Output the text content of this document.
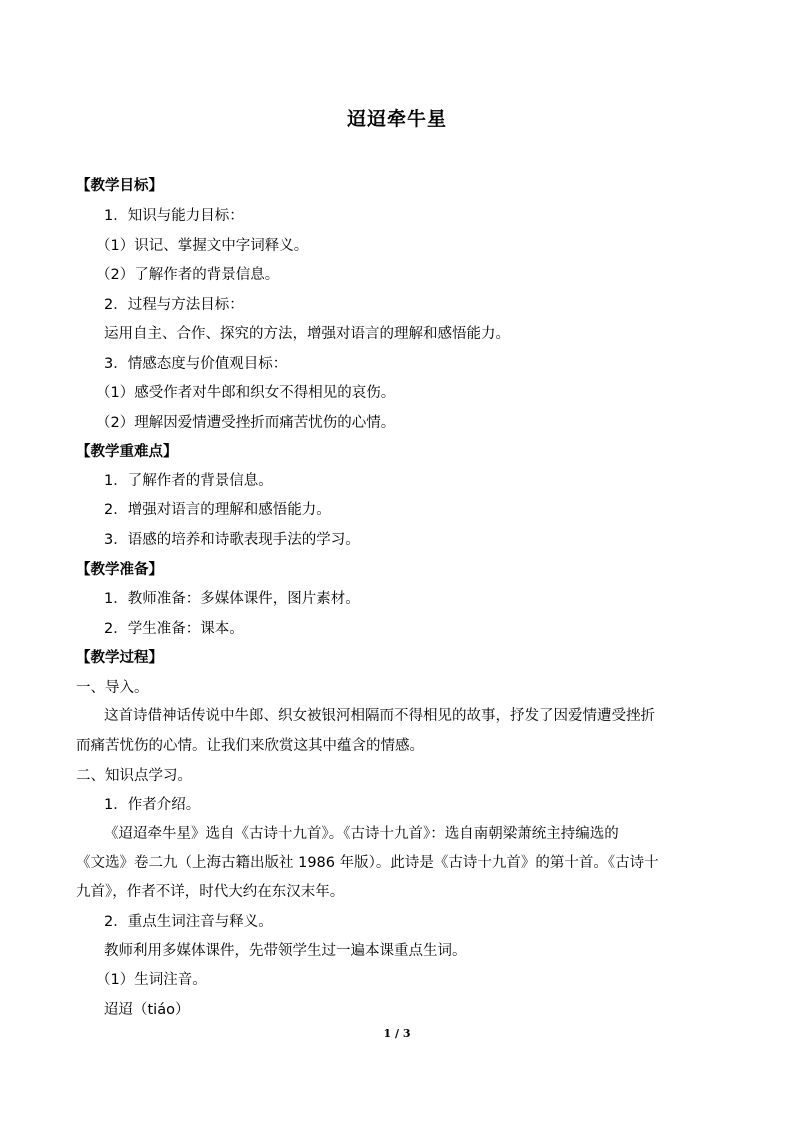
迢迢牵牛星
【教学目标】
1．知识与能力目标：
（1）识记、掌握文中字词释义。
（2）了解作者的背景信息。
2．过程与方法目标：
运用自主、合作、探究的方法，增强对语言的理解和感悟能力。
3．情感态度与价值观目标：
（1）感受作者对牛郎和织女不得相见的哀伤。
（2）理解因爱情遭受挫折而痛苦忧伤的心情。
【教学重难点】
1．了解作者的背景信息。
2．增强对语言的理解和感悟能力。
3．语感的培养和诗歌表现手法的学习。
【教学准备】
1．教师准备：多媒体课件，图片素材。
2．学生准备：课本。
【教学过程】
一、导入。
这首诗借神话传说中牛郎、织女被银河相隔而不得相见的故事，抒发了因爱情遭受挫折
而痛苦忧伤的心情。让我们来欣赏这其中蕴含的情感。
二、知识点学习。
1．作者介绍。
《迢迢牵牛星》选自《古诗十九首》。《古诗十九首》：选自南朝梁萧统主持编选的
《文选》卷二九（上海古籍出版社 1986 年版）。此诗是《古诗十九首》的第十首。《古诗十
九首》，作者不详，时代大约在东汉末年。
2．重点生词注音与释义。
教师利用多媒体课件，先带领学生过一遍本课重点生词。
（1）生词注音。
迢迢（tiáo）
1 / 3
